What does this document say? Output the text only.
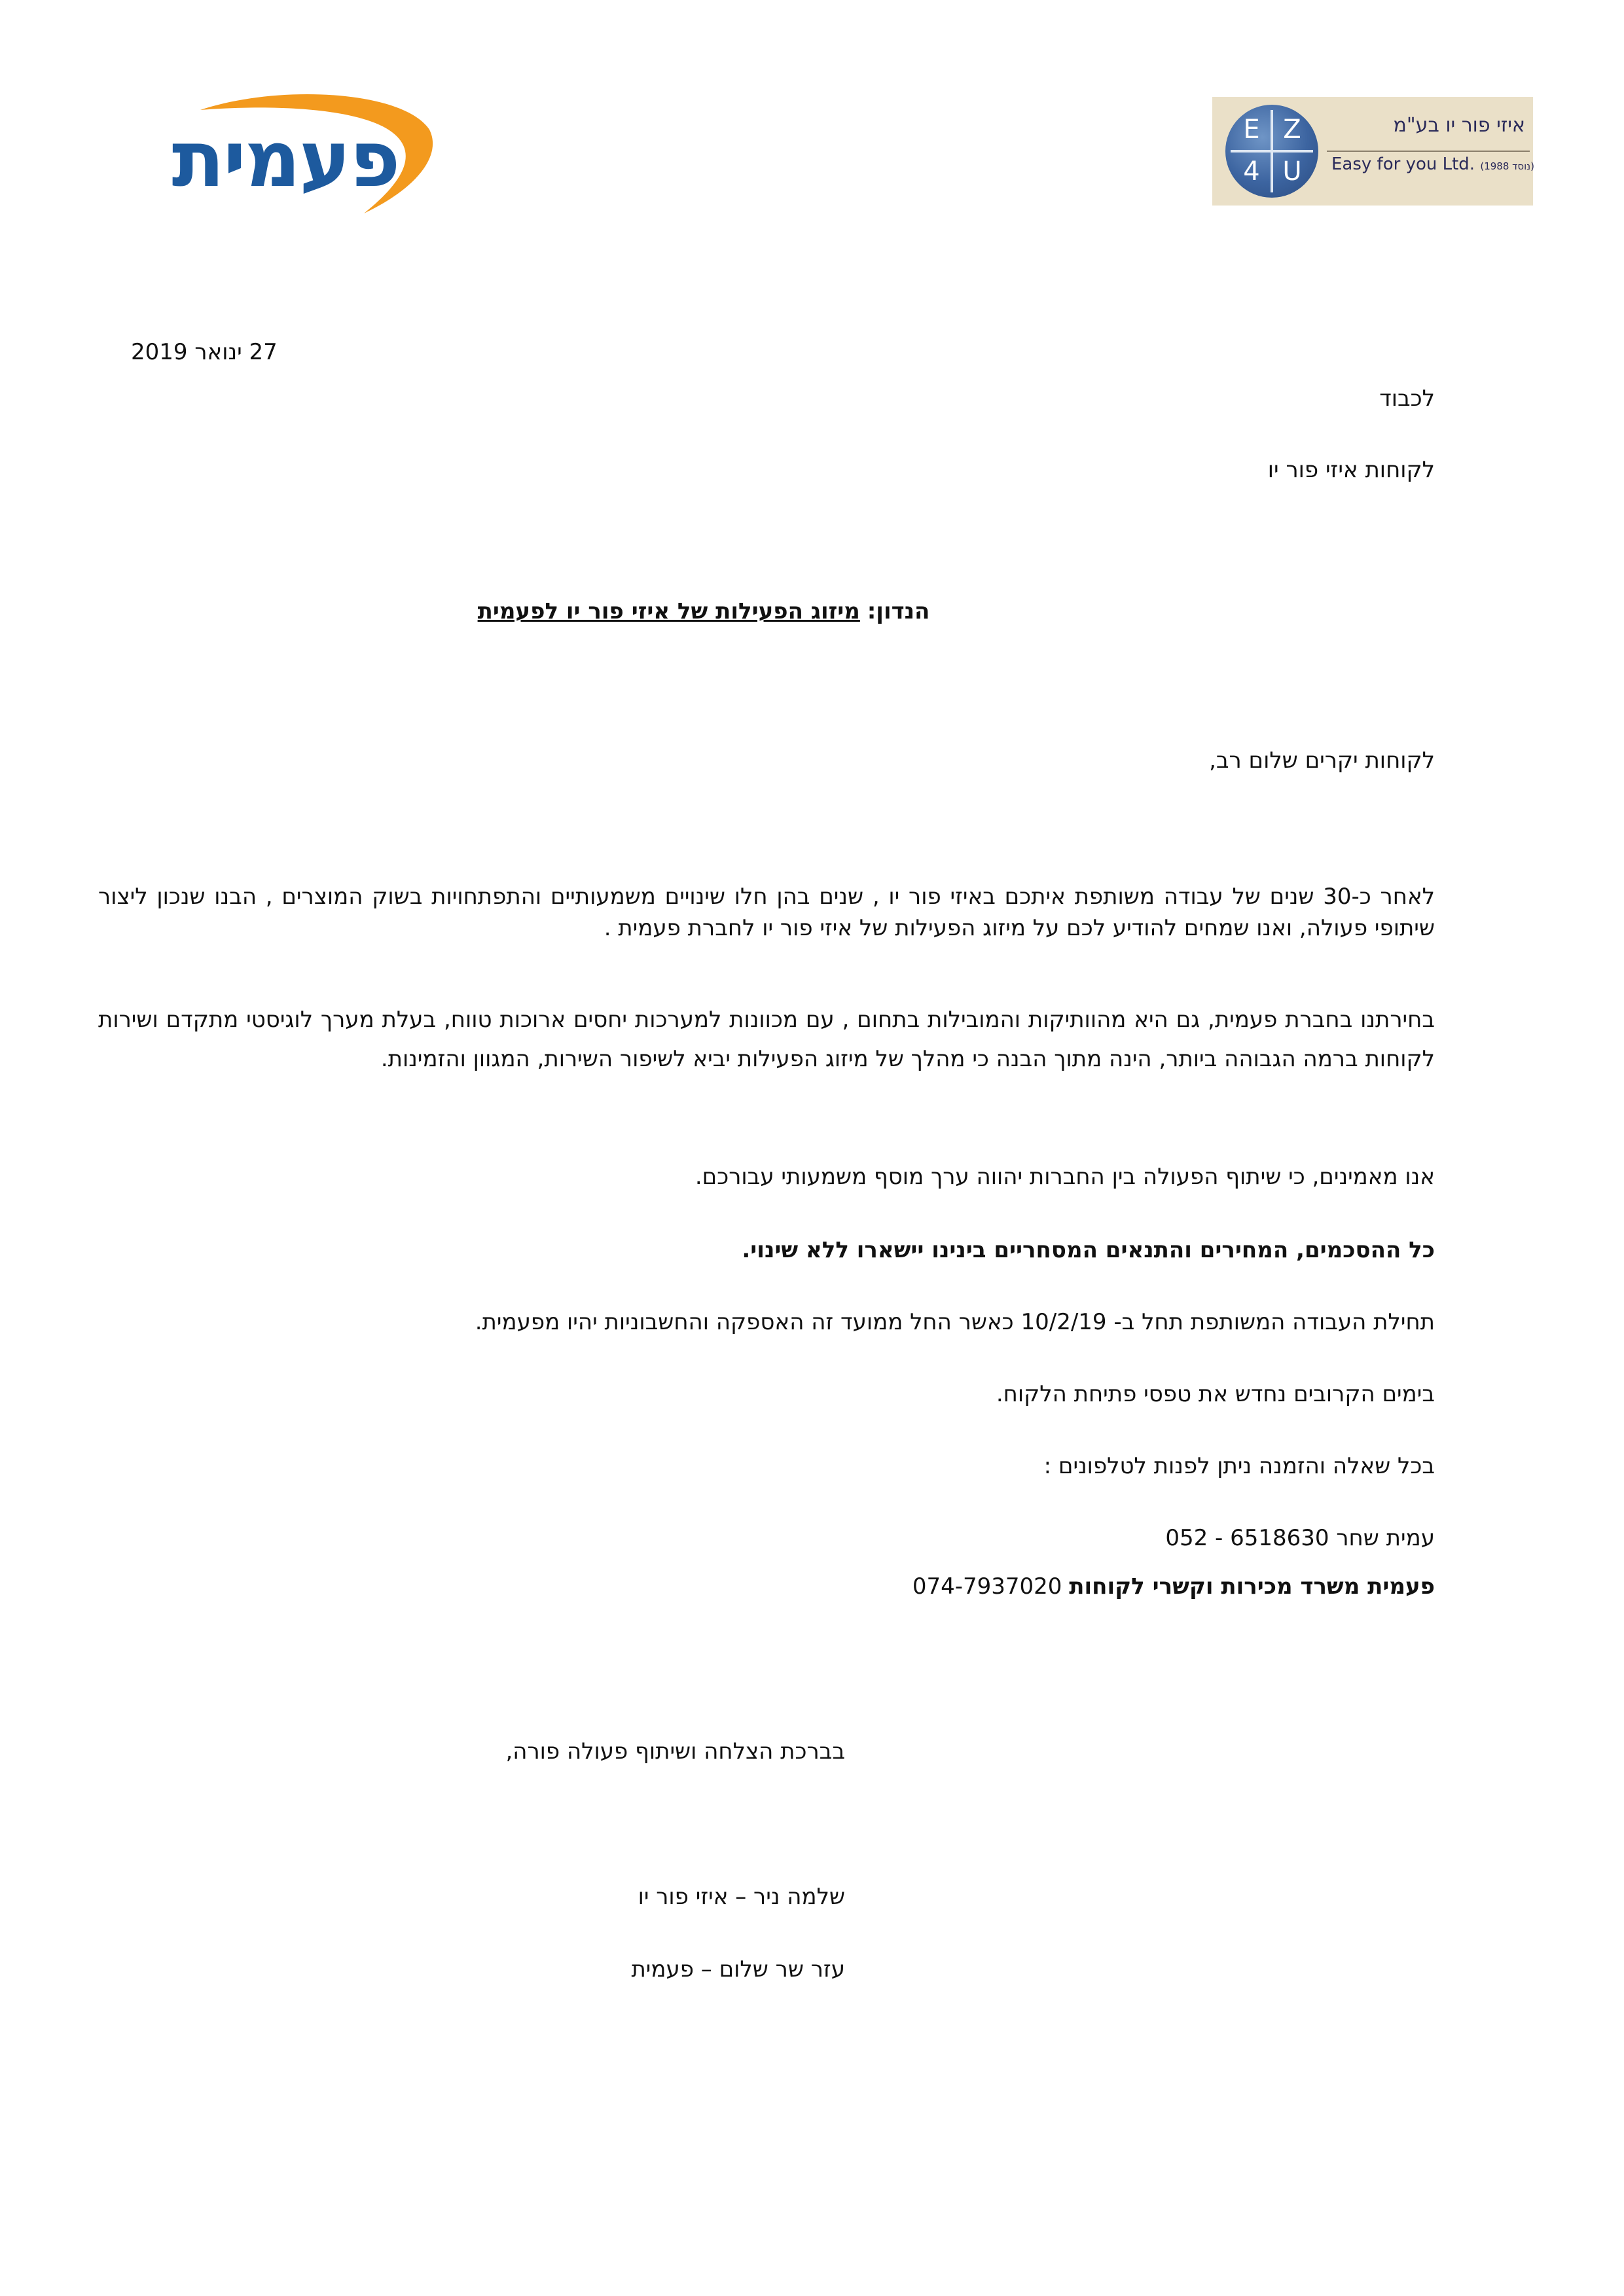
פעמית	E Z
4 U
איזי פור יו בע"מ
Easy for you Ltd. (נוסד 1988)
27 ינואר 2019
לכבוד
לקוחות איזי פור יו
הנדון: מיזוג הפעילות של איזי פור יו לפעמית
לקוחות יקרים שלום רב,
לאחר כ-30 שנים של עבודה משותפת איתכם באיזי פור יו , שנים בהן חלו שינויים משמעותיים והתפתחויות בשוק המוצרים , הבנו שנכון ליצור שיתופי פעולה, ואנו שמחים להודיע לכם על מיזוג הפעילות של איזי פור יו לחברת פעמית .
בחירתנו בחברת פעמית, גם היא מהוותיקות והמובילות בתחום , עם מכוונות למערכות יחסים ארוכות טווח, בעלת מערך לוגיסטי מתקדם ושירות לקוחות ברמה הגבוהה ביותר, הינה מתוך הבנה כי מהלך של מיזוג הפעילות יביא לשיפור השירות, המגוון והזמינות.
אנו מאמינים, כי שיתוף הפעולה בין החברות יהווה ערך מוסף משמעותי עבורכם.
כל ההסכמים, המחירים והתנאים המסחריים בינינו יישארו ללא שינוי.
תחילת העבודה המשותפת תחל ב- 10/2/19 כאשר החל ממועד זה האספקה והחשבוניות יהיו מפעמית.
בימים הקרובים נחדש את טפסי פתיחת הלקוח.
בכל שאלה והזמנה ניתן לפנות לטלפונים :
עמית שחר 6518630 - 052
פעמית משרד מכירות וקשרי לקוחות 074-7937020
בברכת הצלחה ושיתוף פעולה פורה,
שלמה ניר – איזי פור יו
עזר שר שלום – פעמית
